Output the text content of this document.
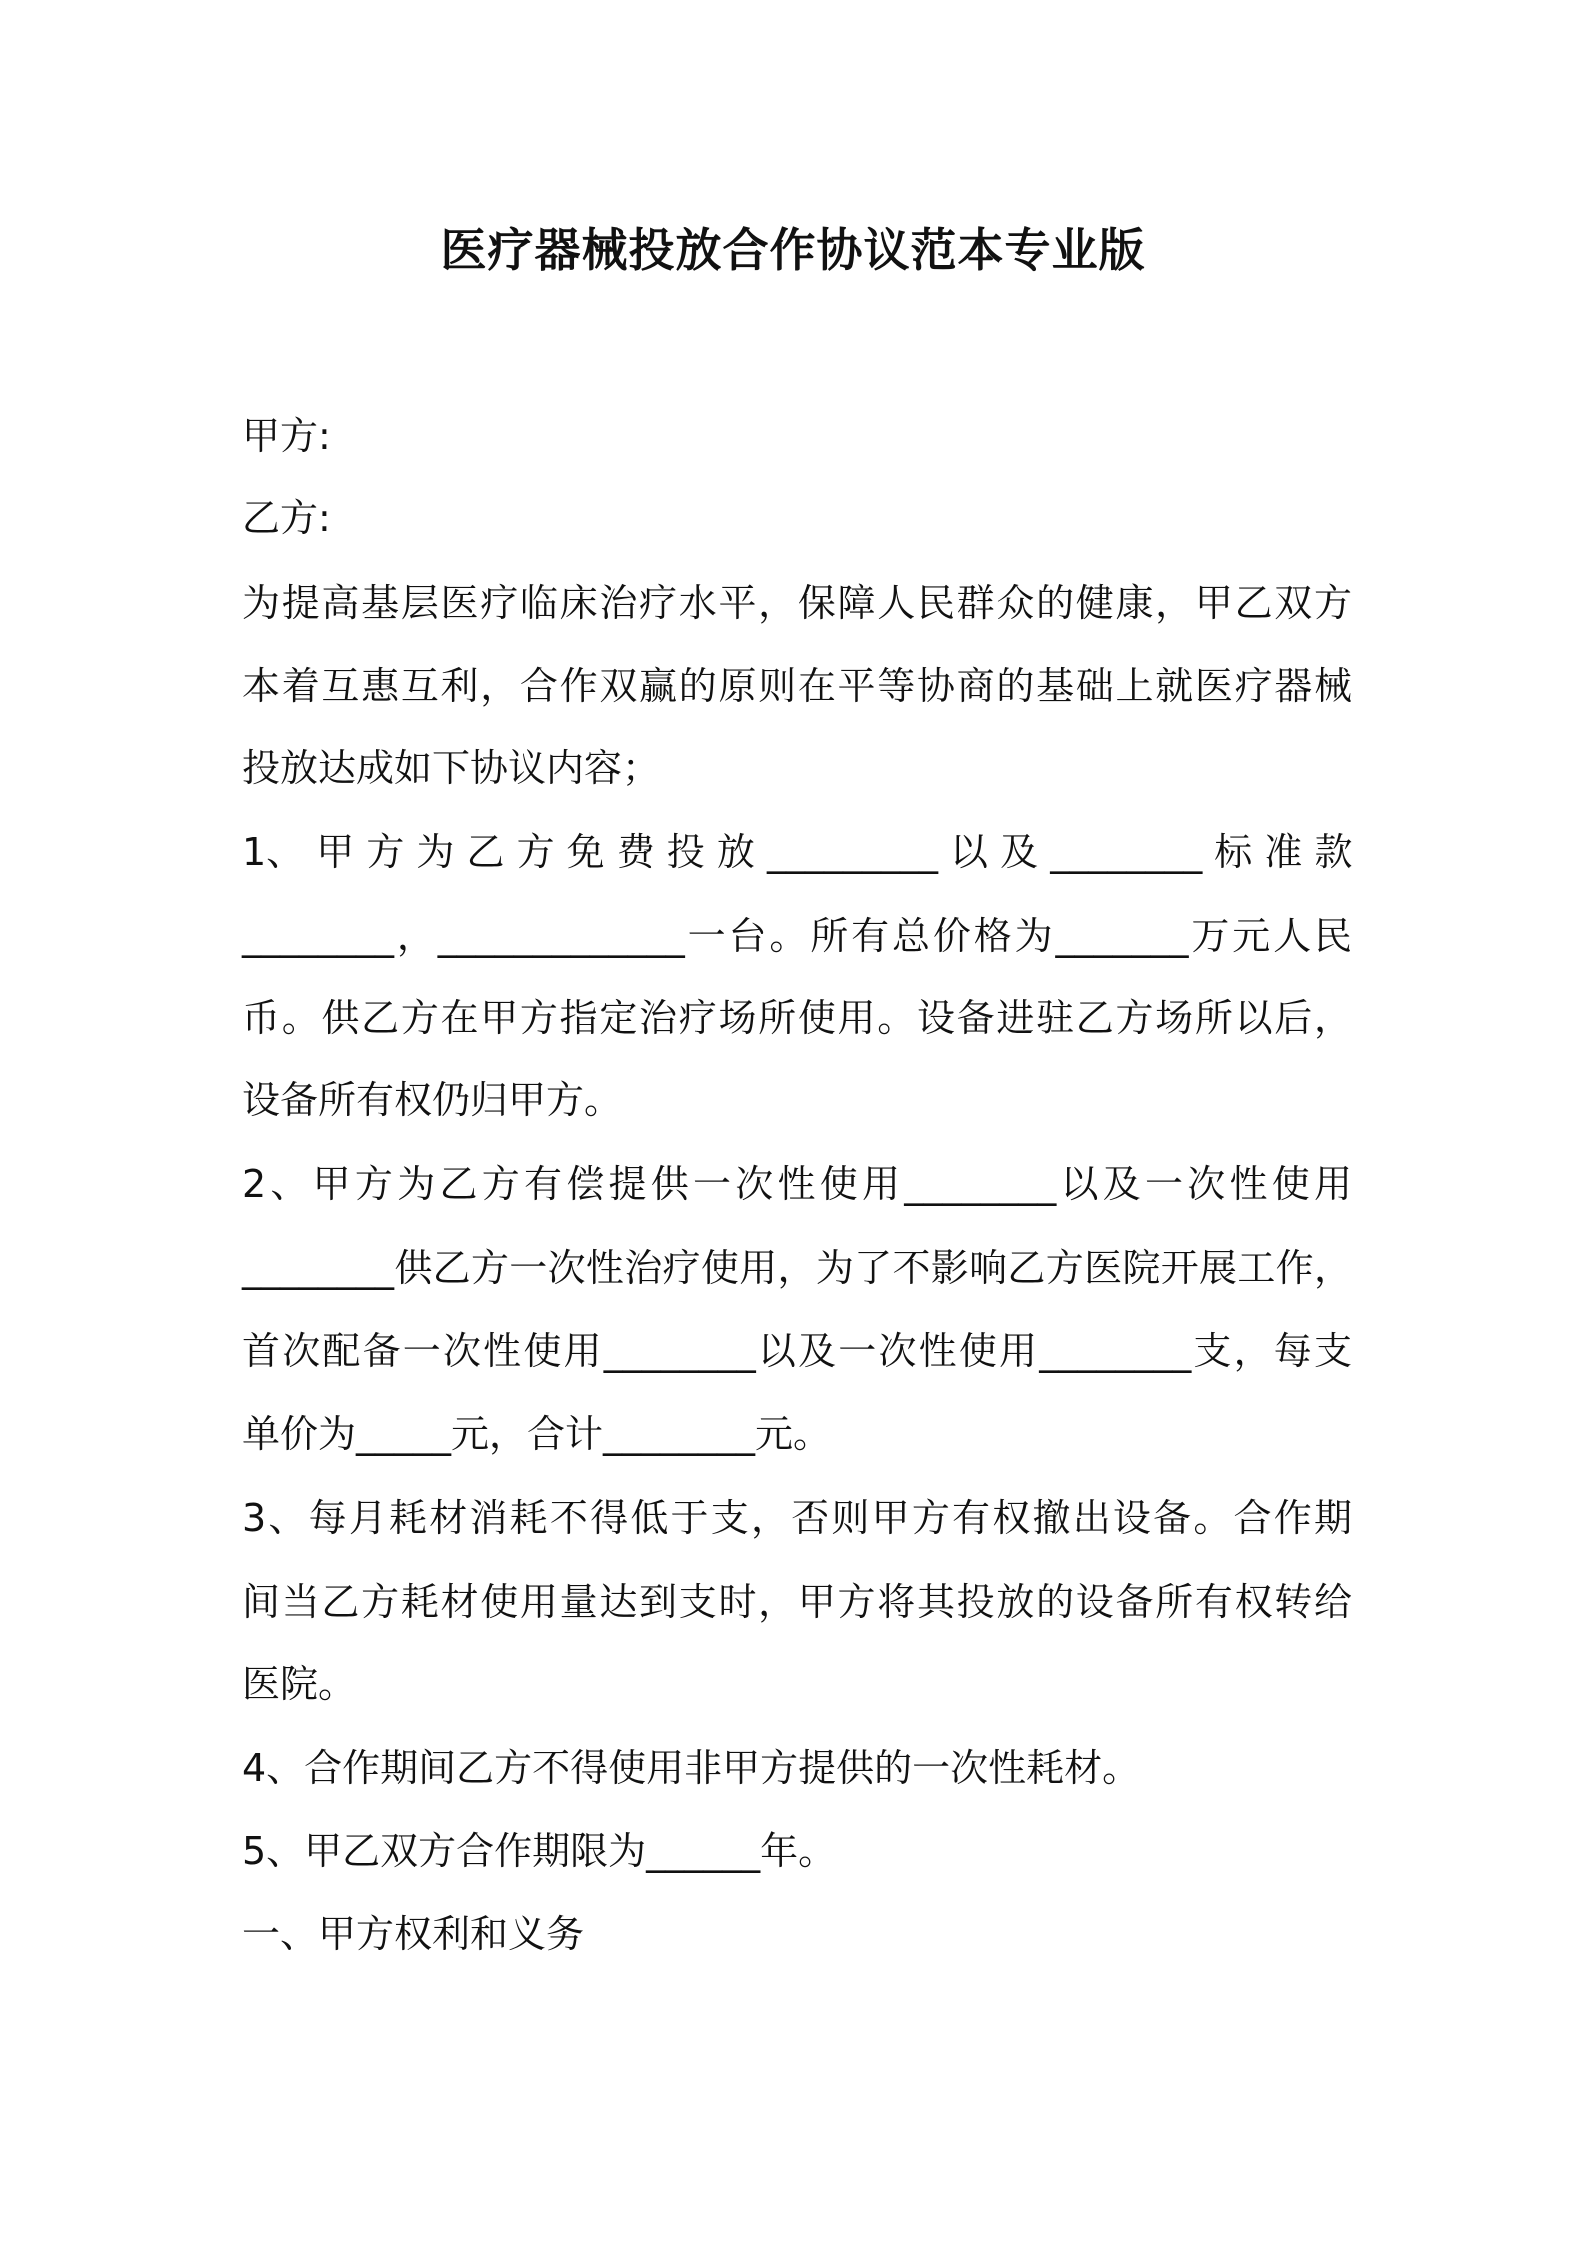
医疗器械投放合作协议范本专业版
甲方:
乙方:
为提高基层医疗临床治疗水平，保障人民群众的健康，甲乙双方
本着互惠互利，合作双赢的原则在平等协商的基础上就医疗器械
投放达成如下协议内容；
1、 甲 方 为 乙 方 免 费 投 放 _________ 以 及 ________ 标 准 款
________，_____________一台。所有总价格为_______万元人民
币。供乙方在甲方指定治疗场所使用。设备进驻乙方场所以后，
设备所有权仍归甲方。
2、甲方为乙方有偿提供一次性使用________以及一次性使用
________供乙方一次性治疗使用，为了不影响乙方医院开展工作，
首次配备一次性使用________以及一次性使用________支，每支
单价为_____元，合计________元。
3、每月耗材消耗不得低于支，否则甲方有权撤出设备。合作期
间当乙方耗材使用量达到支时，甲方将其投放的设备所有权转给
医院。
4、合作期间乙方不得使用非甲方提供的一次性耗材。
5、甲乙双方合作期限为______年。
一、甲方权利和义务
